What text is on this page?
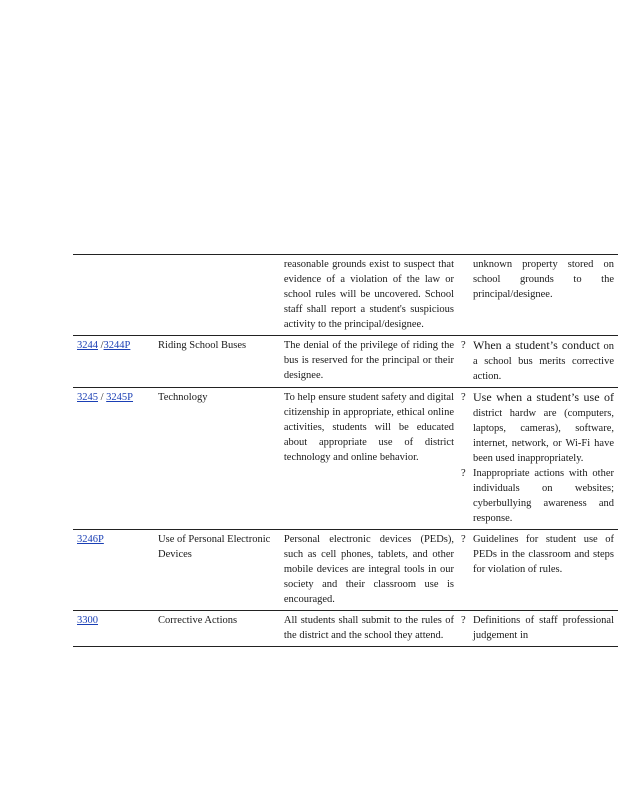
		reasonable grounds exist to suspect that evidence of a violation of the law or school rules will be uncovered. School staff shall report a student's suspicious activity to the principal/designee.	unknown property stored on school grounds to the principal/designee.

3244 /3244P	Riding School Buses	The denial of the privilege of riding the bus is reserved for the principal or their designee.	? When a student’s conduct on a school bus merits corrective action.

3245 / 3245P	Technology	To help ensure student safety and digital citizenship in appropriate, ethical online activities, students will be educated about appropriate use of district technology and online behavior.	? Use when a student’s use of district hardw are (computers, laptops, cameras), software, internet, network, or Wi-Fi have been used inappropriately.
? Inappropriate actions with other individuals on websites; cyberbullying awareness and response.

3246P	Use of Personal Electronic Devices	Personal electronic devices (PEDs), such as cell phones, tablets, and other mobile devices are integral tools in our society and their classroom use is encouraged.	? Guidelines for student use of PEDs in the classroom and steps for violation of rules.

3300	Corrective Actions	All students shall submit to the rules of the district and the school they attend.	? Definitions of staff professional judgement in
